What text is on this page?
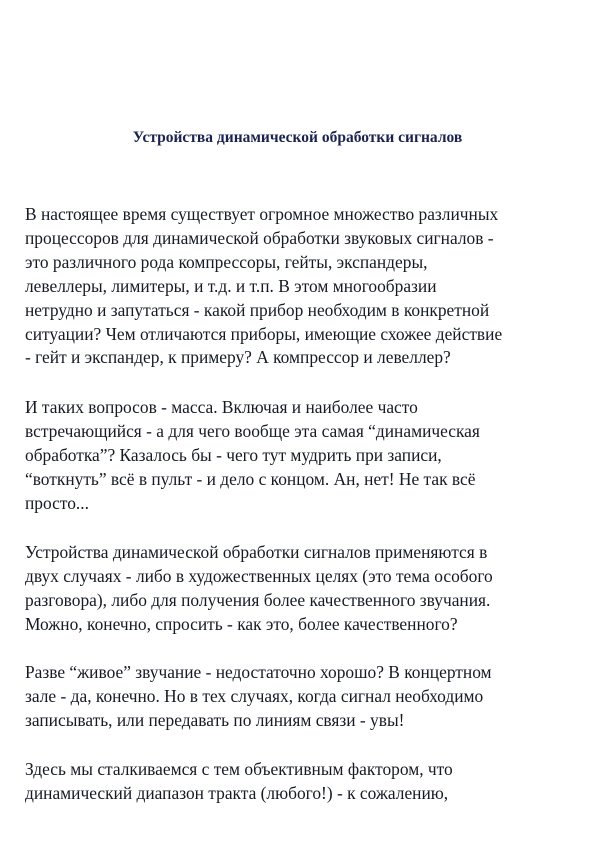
Устройства динамической обработки сигналов

В настоящее время существует огромное множество различных
процессоров для динамической обработки звуковых сигналов -
это различного рода компрессоры, гейты, экспандеры,
левеллеры, лимитеры, и т.д. и т.п. В этом многообразии
нетрудно и запутаться - какой прибор необходим в конкретной
ситуации? Чем отличаются приборы, имеющие схожее действие
- гейт и экспандер, к примеру? А компрессор и левеллер?

И таких вопросов - масса. Включая и наиболее часто
встречающийся - а для чего вообще эта самая “динамическая
обработка”? Казалось бы - чего тут мудрить при записи,
“воткнуть” всё в пульт - и дело с концом. Ан, нет! Не так всё
просто...

Устройства динамической обработки сигналов применяются в
двух случаях - либо в художественных целях (это тема особого
разговора), либо для получения более качественного звучания.
Можно, конечно, спросить - как это, более качественного?

Разве “живое” звучание - недостаточно хорошо? В концертном
зале - да, конечно. Но в тех случаях, когда сигнал необходимо
записывать, или передавать по линиям связи - увы!

Здесь мы сталкиваемся с тем объективным фактором, что
динамический диапазон тракта (любого!) - к сожалению,
